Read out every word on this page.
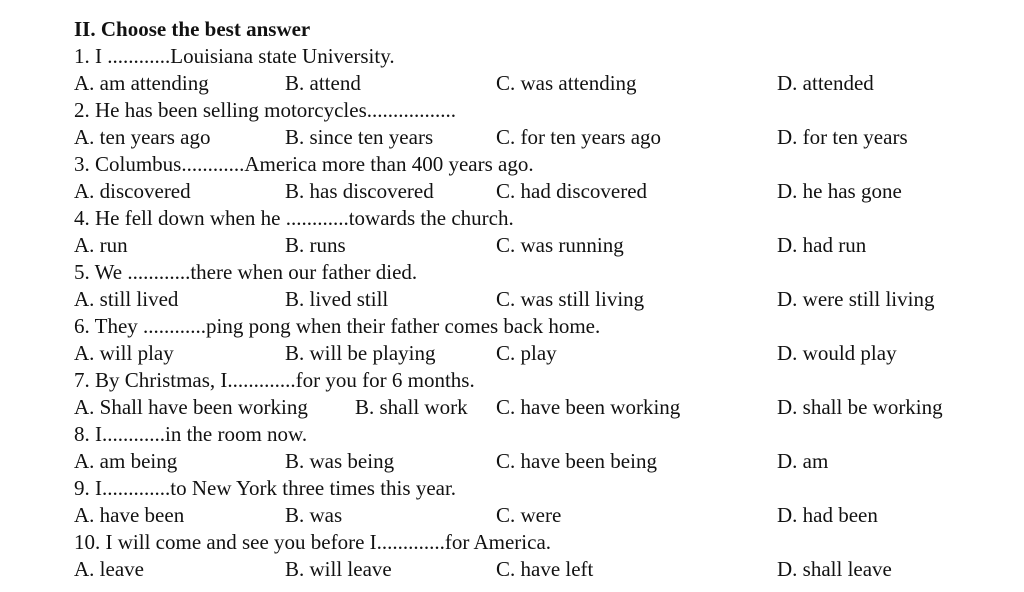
II. Choose the best answer
1. I ............Louisiana state University.
A. am attending	B. attend	C. was attending	D. attended
2. He has been selling motorcycles.................
A. ten years ago	B. since ten years	C. for ten years ago	D. for ten years
3. Columbus............America more than 400 years ago.
A. discovered	B. has discovered	C. had discovered	D. he has gone
4. He fell down when he ............towards the church.
A. run	B. runs	C. was running	D. had run
5. We ............there when our father died.
A. still lived	B. lived still	C. was still living	D. were still living
6. They ............ping pong when their father comes back home.
A. will play	B. will be playing	C. play	D. would play
7. By Christmas, I.............for you for 6 months.
A. Shall have been working B. shall work C. have been working	D. shall be working
8. I............in the room now.
A. am being	B. was being	C. have been being	D. am
9. I.............to New York three times this year.
A. have been	B. was	C. were	D. had been
10. I will come and see you before I.............for America.
A. leave	B. will leave	C. have left	D. shall leave
